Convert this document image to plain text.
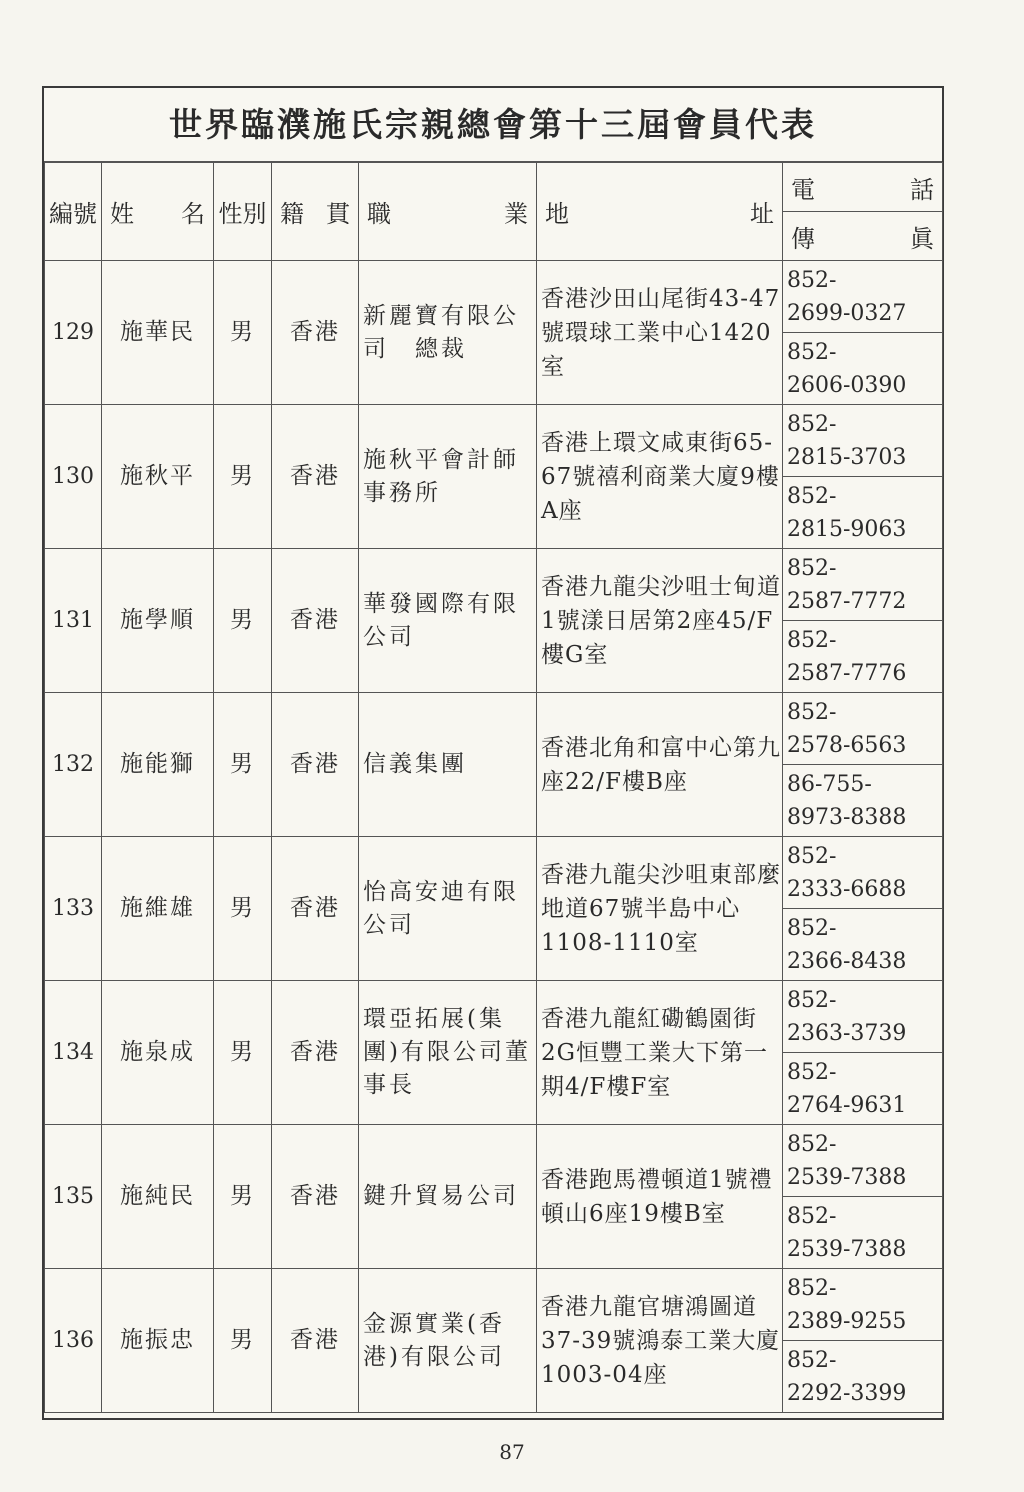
世界臨濮施氏宗親總會第十三屆會員代表
編號	姓 名	性別	籍 貫	職 業	地 址	電 話

						傳 眞

129	施華民	男	香港	新麗寶有限公司　總裁	香港沙田山尾街43-47號環球工業中心1420室	852-
2699-0327
						852-
2606-0390
130	施秋平	男	香港	施秋平會計師事務所	香港上環文咸東街65-67號禧利商業大廈9樓A座	852-
2815-3703
						852-
2815-9063
131	施學順	男	香港	華發國際有限公司	香港九龍尖沙咀士甸道1號漾日居第2座45/F樓G室	852-
2587-7772
						852-
2587-7776
132	施能獅	男	香港	信義集團	香港北角和富中心第九座22/F樓B座	852-
2578-6563
						86-755-
8973-8388
133	施維雄	男	香港	怡高安迪有限公司	香港九龍尖沙咀東部麼地道67號半島中心1108-1110室	852-
2333-6688
						852-
2366-8438
134	施泉成	男	香港	環亞拓展(集團)有限公司董事長	香港九龍紅磡鶴園街2G恒豐工業大下第一期4/F樓F室	852-
2363-3739
						852-
2764-9631
135	施純民	男	香港	鍵升貿易公司	香港跑馬禮頓道1號禮頓山6座19樓B室	852-
2539-7388
						852-
2539-7388
136	施振忠	男	香港	金源實業(香港)有限公司	香港九龍官塘鴻圖道37-39號鴻泰工業大廈1003-04座	852-
2389-9255
						852-
2292-3399
87
